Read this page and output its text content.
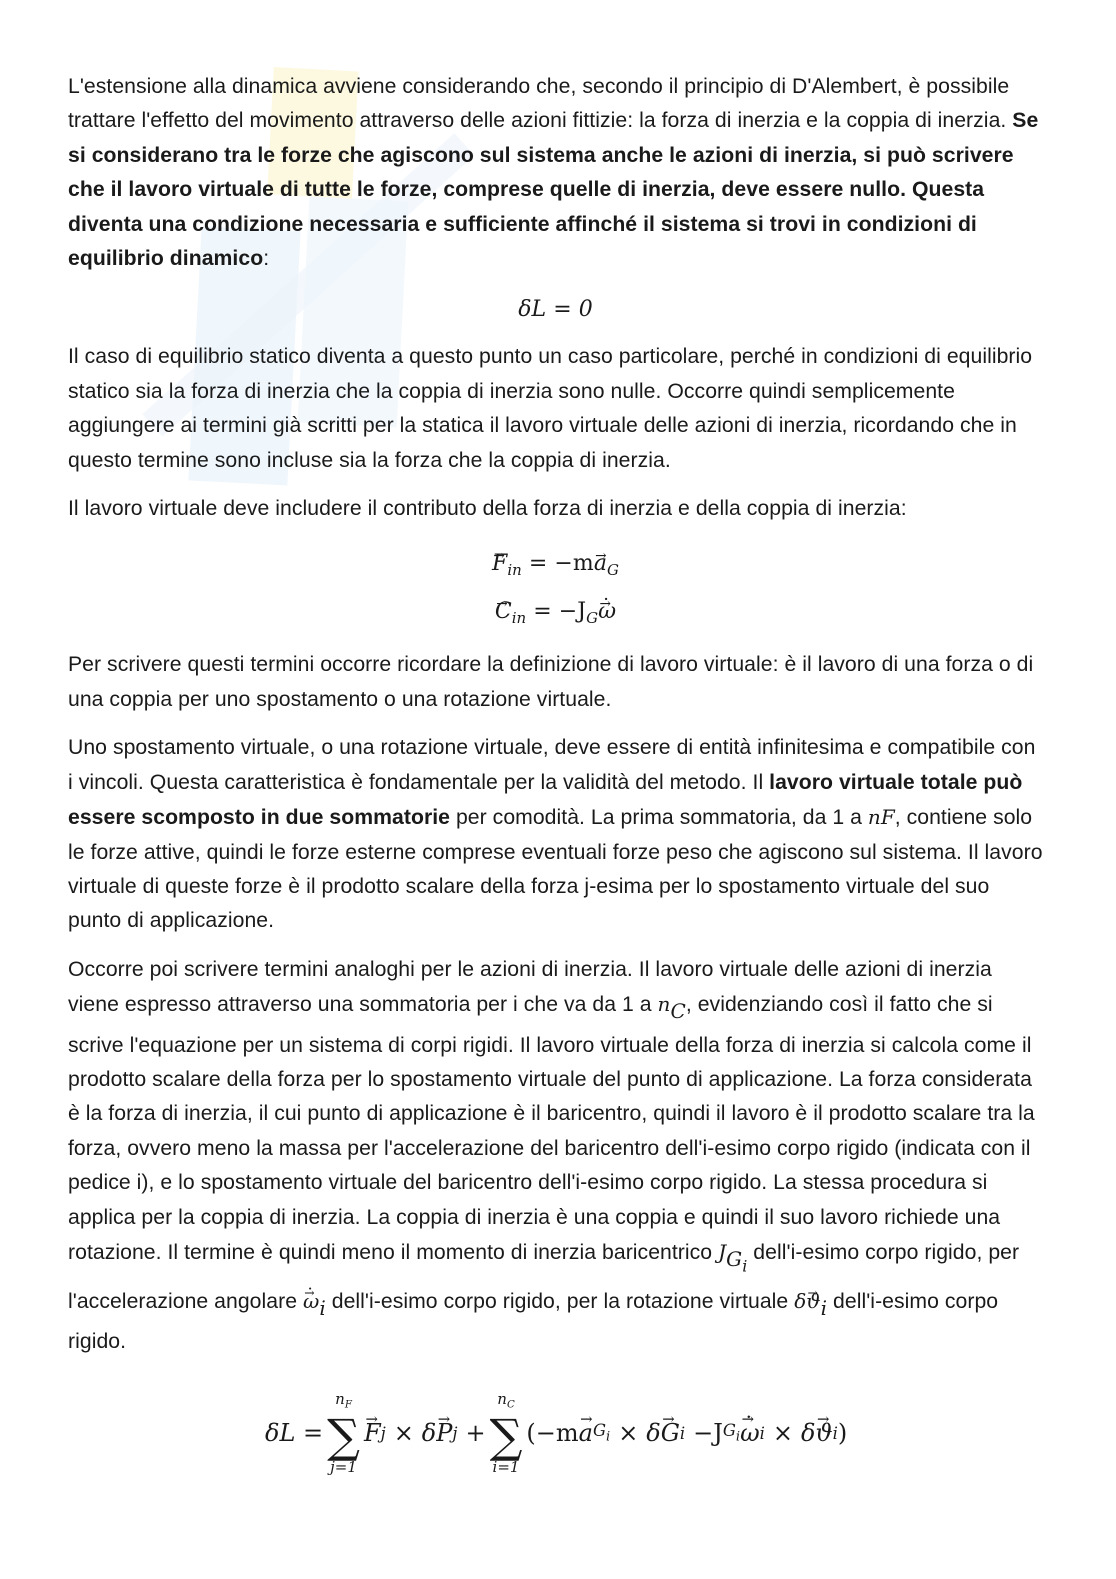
L'estensione alla dinamica avviene considerando che, secondo il principio di D'Alembert, è possibile trattare l'effetto del movimento attraverso delle azioni fittizie: la forza di inerzia e la coppia di inerzia. Se si considerano tra le forze che agiscono sul sistema anche le azioni di inerzia, si può scrivere che il lavoro virtuale di tutte le forze, comprese quelle di inerzia, deve essere nullo. Questa diventa una condizione necessaria e sufficiente affinché il sistema si trovi in condizioni di equilibrio dinamico:

δL = 0

Il caso di equilibrio statico diventa a questo punto un caso particolare, perché in condizioni di equilibrio statico sia la forza di inerzia che la coppia di inerzia sono nulle. Occorre quindi semplicemente aggiungere ai termini già scritti per la statica il lavoro virtuale delle azioni di inerzia, ricordando che in questo termine sono incluse sia la forza che la coppia di inerzia.

Il lavoro virtuale deve includere il contributo della forza di inerzia e della coppia di inerzia:

→ $F_{in} = -m\to a_G$
→ $C_{in} = -J_G\to \omega$ ˙

Per scrivere questi termini occorre ricordare la definizione di lavoro virtuale: è il lavoro di una forza o di una coppia per uno spostamento o una rotazione virtuale.

Uno spostamento virtuale, o una rotazione virtuale, deve essere di entità infinitesima e compatibile con i vincoli. Questa caratteristica è fondamentale per la validità del metodo. Il lavoro virtuale totale può essere scomposto in due sommatorie per comodità. La prima sommatoria, da 1 a nF, contiene solo le forze attive, quindi le forze esterne comprese eventuali forze peso che agiscono sul sistema. Il lavoro virtuale di queste forze è il prodotto scalare della forza j-esima per lo spostamento virtuale del suo punto di applicazione.

Occorre poi scrivere termini analoghi per le azioni di inerzia. Il lavoro virtuale delle azioni di inerzia viene espresso attraverso una sommatoria per i che va da 1 a $n_C$, evidenziando così il fatto che si scrive l'equazione per un sistema di corpi rigidi. Il lavoro virtuale della forza di inerzia si calcola come il prodotto scalare della forza per lo spostamento virtuale del punto di applicazione. La forza considerata è la forza di inerzia, il cui punto di applicazione è il baricentro, quindi il lavoro è il prodotto scalare tra la forza, ovvero meno la massa per l'accelerazione del baricentro dell'i-esimo corpo rigido (indicata con il pedice i), e lo spostamento virtuale del baricentro dell'i-esimo corpo rigido. La stessa procedura si applica per la coppia di inerzia. La coppia di inerzia è una coppia e quindi il suo lavoro richiede una rotazione. Il termine è quindi meno il momento di inerzia baricentrico $J_{G_i}$ dell'i-esimo corpo rigido, per l'accelerazione angolare → ω $˙_i$ dell'i-esimo corpo rigido, per la rotazione virtuale $\delta\to ϑ_i$ dell'i-esimo corpo rigido.

δL =
$n_F$
∑
j=1
→ F j × δ → P j +
$n_C$
∑
i=1
(−m → a $G_i \times \delta \to G$ i −J $G_i \to \omega$ ˙ i × δ → ϑ i )
